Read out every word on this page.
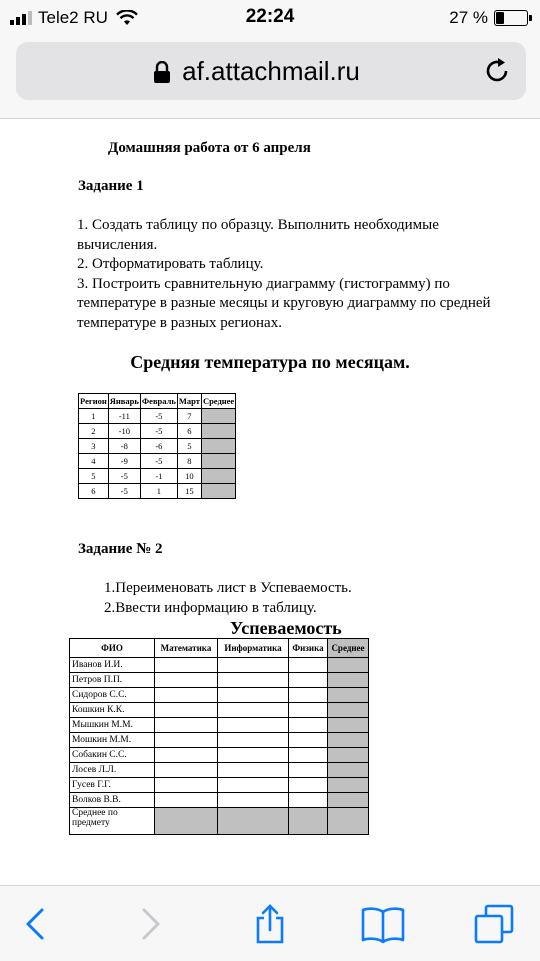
Tele2 RU	22:24	27 %
af.attachmail.ru
Домашняя работа от 6 апреля
Задание 1
1. Создать таблицу по образцу. Выполнить необходимые вычисления.
2. Отформатировать таблицу.
3. Построить сравнительную диаграмму (гистограмму) по температуре в разные месяцы и круговую диаграмму по средней температуре в разных регионах.
Средняя температура по месяцам.
Регион	Январь	Февраль	Март	Среднее
1	-11	-5	7	
2	-10	-5	6	
3	-8	-6	5	
4	-9	-5	8	
5	-5	-1	10	
6	-5	1	15	
Задание № 2
1.Переименовать лист в Успеваемость.
2.Ввести информацию в таблицу.
Успеваемость
ФИО	Математика	Информатика	Физика	Среднее
Иванов И.И.				
Петров П.П.				
Сидоров С.С.				
Кошкин К.К.				
Мышкин М.М.				
Мошкин М.М.				
Собакин С.С.				
Лосев Л.Л.				
Гусев Г.Г.				
Волков В.В.				
Среднее по предмету				
